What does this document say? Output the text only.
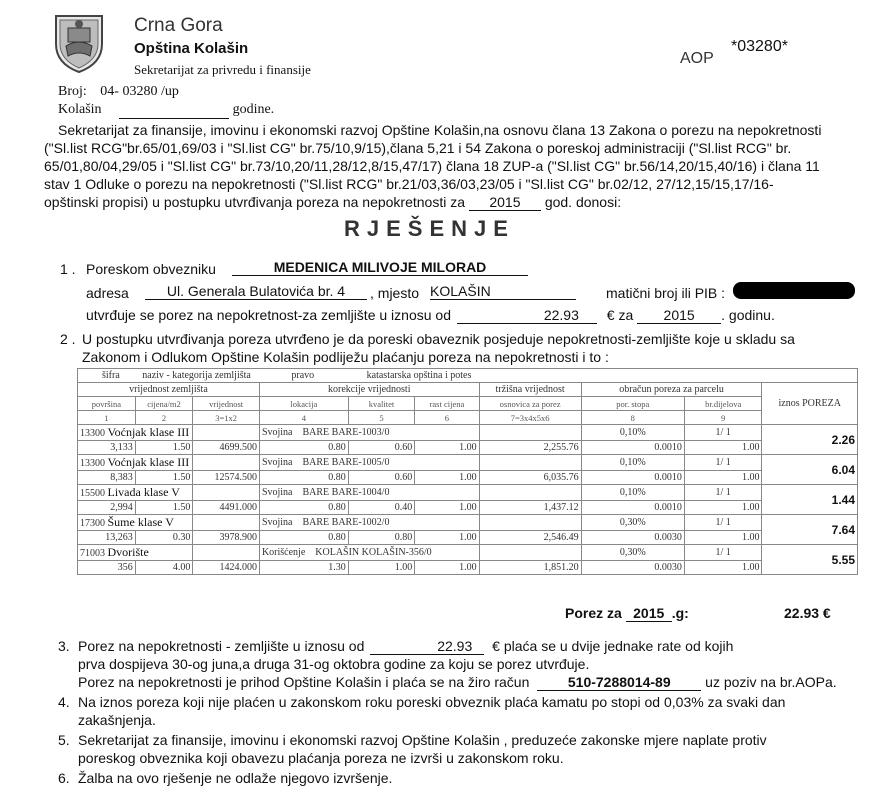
Crna Gora
Opština Kolašin
Sekretarijat za privredu i finansije
AOP
*03280*
Broj: 04- 03280 /up
Kolašin	godine.
Sekretarijat za finansije, imovinu i ekonomski razvoj Opštine Kolašin,na osnovu člana 13 Zakona o porezu na nepokretnosti
("Sl.list RCG"br.65/01,69/03 i "Sl.list CG" br.75/10,9/15),člana 5,21 i 54 Zakona o poreskoj administraciji ("Sl.list RCG" br.
65/01,80/04,29/05 i "Sl.list CG" br.73/10,20/11,28/12,8/15,47/17) člana 18 ZUP-a ("Sl.list CG" br.56/14,20/15,40/16) i člana 11
stav 1 Odluke o porezu na nepokretnosti ("Sl.list RCG" br.21/03,36/03,23/05 i "Sl.list CG" br.02/12, 27/12,15/15,17/16-
opštinski propisi) u postupku utvrđivanja poreza na nepokretnosti za 2015 god. donosi:
RJEŠENJE
1 . Poreskom obvezniku	MEDENICA MILIVOJE MILORAD
adresa	Ul. Generala Bulatovića br. 4	, mjesto KOLAŠIN	matični broj ili PIB :
utvrđuje se porez na nepokretnost-za zemljište u iznosu od	22.93 € za 2015 . godinu.
2 . U postupku utvrđivanja poreza utvrđeno je da poreski obaveznik posjeduje nepokretnosti-zemljište koje u skladu sa
Zakonom i Odlukom Opštine Kolašin podliježu plaćanju poreza na nepokretnosti i to :
šifra naziv - kategorija zemljišta pravo katastarska opština i potes									
vrijednost zemljišta			korekcije vrijednosti			tržišna vrijednost	obračun poreza za parcelu		iznos POREZA
površina	cijena/m2	vrijednost	lokacija	kvalitet	rast cijena	osnovica za porez	por. stopa	br.dijelova	
1	2	3=1x2	4	5	6	7=3x4x5x6	8	9	
13300 Voćnjak klase III			Svojina BARE BARE-1003/0				0,10%	1/ 1	2.26
3,133	1.50	4699.500	0.80	0.60	1.00	2,255.76	0.0010	1.00	
13300 Voćnjak klase III			Svojina BARE BARE-1005/0				0,10%	1/ 1	6.04
8,383	1.50	12574.500	0.80	0.60	1.00	6,035.76	0.0010	1.00	
15500 Livada klase V			Svojina BARE BARE-1004/0				0,10%	1/ 1	1.44
2,994	1.50	4491.000	0.80	0.40	1.00	1,437.12	0.0010	1.00	
17300 Šume klase V			Svojina BARE BARE-1002/0				0,30%	1/ 1	7.64
13,263	0.30	3978.900	0.80	0.80	1.00	2,546.49	0.0030	1.00	
71003 Dvorište			Korišćenje KOLAŠIN KOLAŠIN-356/0				0,30%	1/ 1	5.55
356	4.00	1424.000	1.30	1.00	1.00	1,851.20	0.0030	1.00	
Porez za 2015 .g:	22.93 €
3. Porez na nepokretnosti - zemljište u iznosu od	22.93 € plaća se u dvije jednake rate od kojih
prva dospijeva 30-og juna,a druga 31-og oktobra godine za koju se porez utvrđuje.
Porez na nepokretnosti je prihod Opštine Kolašin i plaća se na žiro račun	510-7288014-89 uz poziv na br.AOPa.
4. Na iznos poreza koji nije plaćen u zakonskom roku poreski obveznik plaća kamatu po stopi od 0,03% za svaki dan
zakašnjenja.
5. Sekretarijat za finansije, imovinu i ekonomski razvoj Opštine Kolašin , preduzeće zakonske mjere naplate protiv
poreskog obveznika koji obavezu plaćanja poreza ne izvrši u zakonskom roku.
6. Žalba na ovo rješenje ne odlaže njegovo izvršenje.
